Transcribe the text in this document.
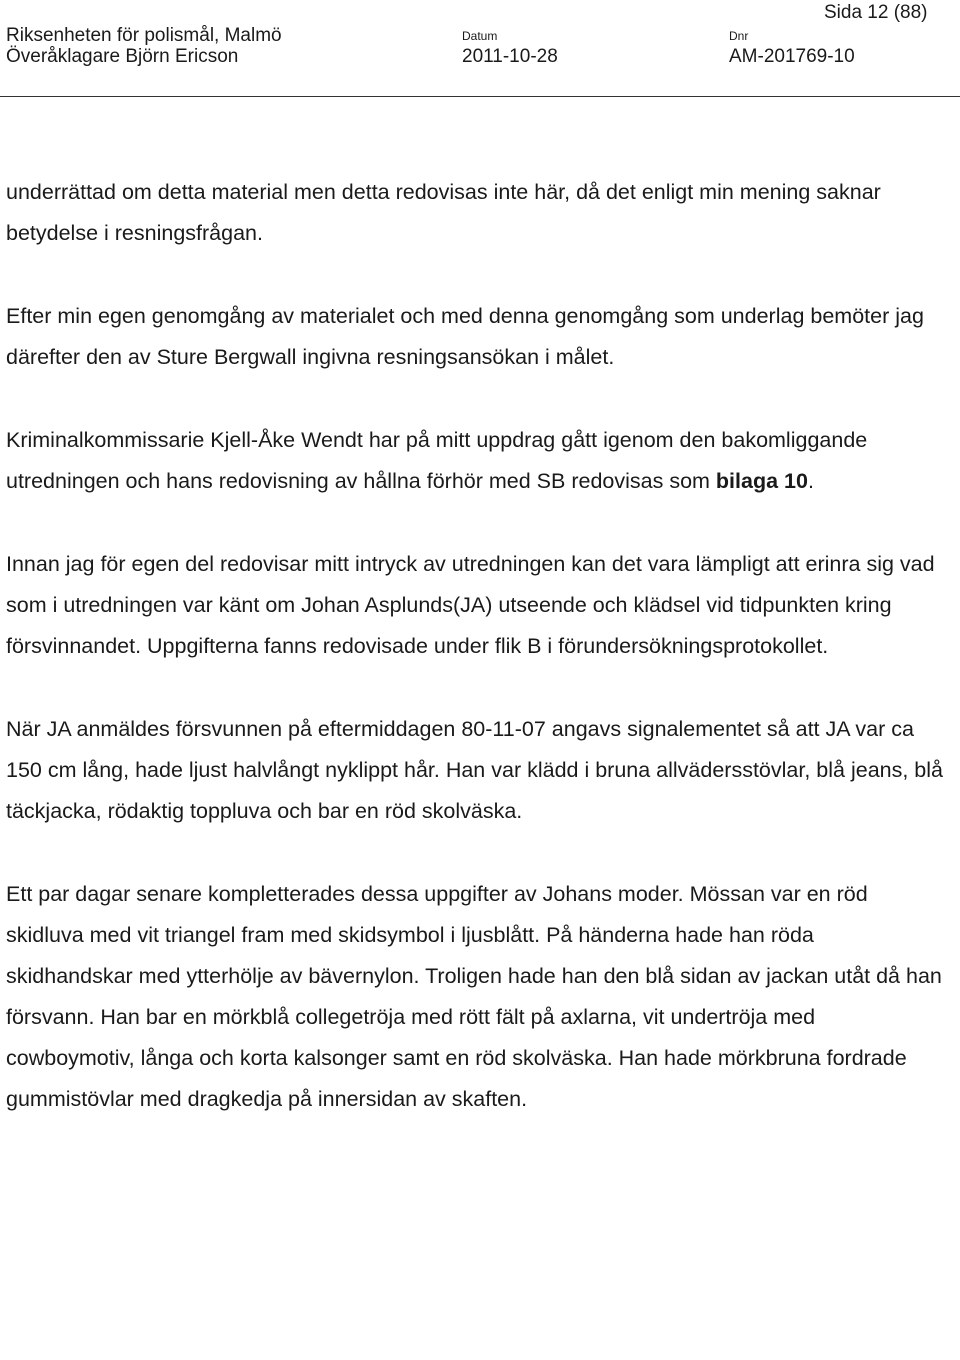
Sida 12 (88)
Riksenheten för polismål, Malmö
Överåklagare Björn Ericson
Datum
2011-10-28
Dnr
AM-201769-10

underrättad om detta material men detta redovisas inte här, då det enligt min mening saknar betydelse i resningsfrågan.

Efter min egen genomgång av materialet och med denna genomgång som underlag bemöter jag därefter den av Sture Bergwall ingivna resningsansökan i målet.

Kriminalkommissarie Kjell-Åke Wendt har på mitt uppdrag gått igenom den bakomliggande utredningen och hans redovisning av hållna förhör med SB redovisas som bilaga 10.

Innan jag för egen del redovisar mitt intryck av utredningen kan det vara lämpligt att erinra sig vad som i utredningen var känt om Johan Asplunds(JA) utseende och klädsel vid tidpunkten kring försvinnandet. Uppgifterna fanns redovisade under flik B i förundersökningsprotokollet.

När JA anmäldes försvunnen på eftermiddagen 80-11-07 angavs signalementet så att JA var ca 150 cm lång, hade ljust halvlångt nyklippt hår. Han var klädd i bruna allvädersstövlar, blå jeans, blå täckjacka, rödaktig toppluva och bar en röd skolväska.

Ett par dagar senare kompletterades dessa uppgifter av Johans moder. Mössan var en röd skidluva med vit triangel fram med skidsymbol i ljusblått. På händerna hade han röda skidhandskar med ytterhölje av bävernylon. Troligen hade han den blå sidan av jackan utåt då han försvann. Han bar en mörkblå collegetröja med rött fält på axlarna, vit undertröja med cowboymotiv, långa och korta kalsonger samt en röd skolväska. Han hade mörkbruna fordrade gummistövlar med dragkedja på innersidan av skaften.
